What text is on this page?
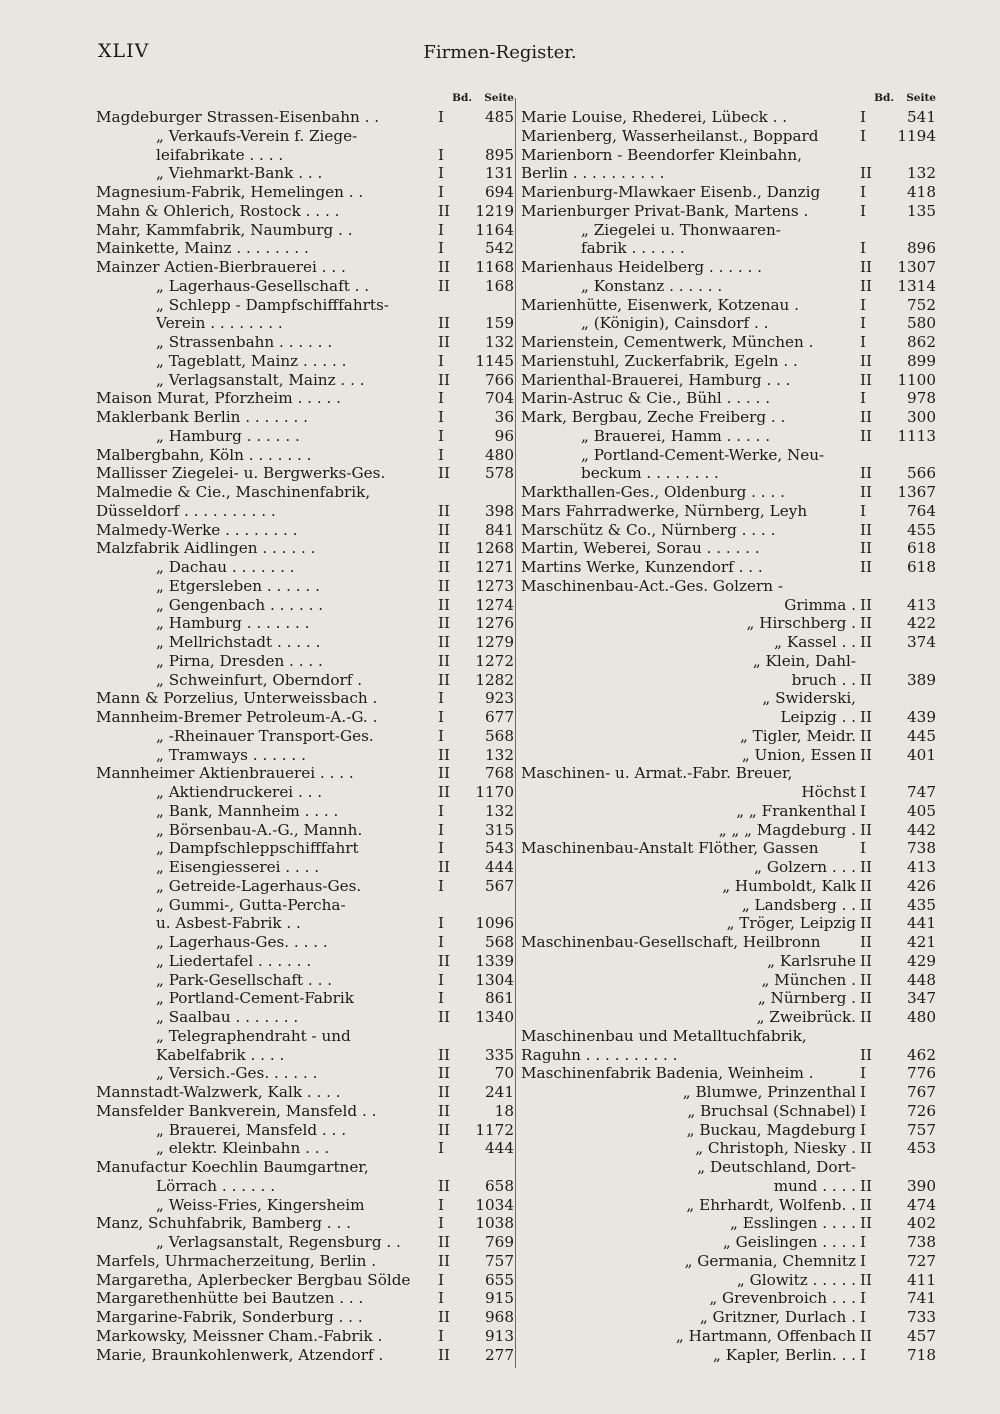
XLIV	Firmen-Register.
Bd. Seite
Magdeburger Strassen-Eisenbahn . .	I	485
„ Verkaufs-Verein f. Ziege-
leifabrikate . . . .	I	895
„ Viehmarkt-Bank . . .	I	131
Magnesium-Fabrik, Hemelingen . .	I	694
Mahn & Ohlerich, Rostock . . . .	II	1219
Mahr, Kammfabrik, Naumburg . .	I	1164
Mainkette, Mainz . . . . . . . .	I	542
Mainzer Actien-Bierbrauerei . . .	II	1168
„ Lagerhaus-Gesellschaft . .	II	168
„ Schlepp - Dampfschifffahrts-
Verein . . . . . . . .	II	159
„ Strassenbahn . . . . . .	II	132
„ Tageblatt, Mainz . . . . .	I	1145
„ Verlagsanstalt, Mainz . . .	II	766
Maison Murat, Pforzheim . . . . .	I	704
Maklerbank Berlin . . . . . . .	I	36
„ Hamburg . . . . . .	I	96
Malbergbahn, Köln . . . . . . .	I	480
Mallisser Ziegelei- u. Bergwerks-Ges.	II	578
Malmedie & Cie., Maschinenfabrik,
Düsseldorf . . . . . . . . . .	II	398
Malmedy-Werke . . . . . . . .	II	841
Malzfabrik Aidlingen . . . . . .	II	1268
„ Dachau . . . . . . .	II	1271
„ Etgersleben . . . . . .	II	1273
„ Gengenbach . . . . . .	II	1274
„ Hamburg . . . . . . .	II	1276
„ Mellrichstadt . . . . .	II	1279
„ Pirna, Dresden . . . .	II	1272
„ Schweinfurt, Oberndorf .	II	1282
Mann & Porzelius, Unterweissbach .	I	923
Mannheim-Bremer Petroleum-A.-G. .	I	677
„ -Rheinauer Transport-Ges.	I	568
„ Tramways . . . . . .	II	132
Mannheimer Aktienbrauerei . . . .	II	768
„ Aktiendruckerei . . .	II	1170
„ Bank, Mannheim . . . .	I	132
„ Börsenbau-A.-G., Mannh.	I	315
„ Dampfschleppschifffahrt	I	543
„ Eisengiesserei . . . .	II	444
„ Getreide-Lagerhaus-Ges.	I	567
„ Gummi-, Gutta-Percha-
u. Asbest-Fabrik . .	I	1096
„ Lagerhaus-Ges. . . . .	I	568
„ Liedertafel . . . . . .	II	1339
„ Park-Gesellschaft . . .	I	1304
„ Portland-Cement-Fabrik	I	861
„ Saalbau . . . . . . .	II	1340
„ Telegraphendraht - und
Kabelfabrik . . . .	II	335
„ Versich.-Ges. . . . . .	II	70
Mannstadt-Walzwerk, Kalk . . . .	II	241
Mansfelder Bankverein, Mansfeld . .	II	18
„ Brauerei, Mansfeld . . .	II	1172
„ elektr. Kleinbahn . . .	I	444
Manufactur Koechlin Baumgartner,
Lörrach . . . . . .	II	658
„ Weiss-Fries, Kingersheim	I	1034
Manz, Schuhfabrik, Bamberg . . .	I	1038
„ Verlagsanstalt, Regensburg . .	II	769
Marfels, Uhrmacherzeitung, Berlin .	II	757
Margaretha, Aplerbecker Bergbau Sölde	I	655
Margarethenhütte bei Bautzen . . .	I	915
Margarine-Fabrik, Sonderburg . . .	II	968
Markowsky, Meissner Cham.-Fabrik .	I	913
Marie, Braunkohlenwerk, Atzendorf .	II	277
Bd. Seite
Marie Louise, Rhederei, Lübeck . .	I	541
Marienberg, Wasserheilanst., Boppard	I	1194
Marienborn - Beendorfer Kleinbahn,
Berlin . . . . . . . . . .	II	132
Marienburg-Mlawkaer Eisenb., Danzig	I	418
Marienburger Privat-Bank, Martens .	I	135
„ Ziegelei u. Thonwaaren-
fabrik . . . . . .	I	896
Marienhaus Heidelberg . . . . . .	II	1307
„ Konstanz . . . . . .	II	1314
Marienhütte, Eisenwerk, Kotzenau .	I	752
„ (Königin), Cainsdorf . .	I	580
Marienstein, Cementwerk, München .	I	862
Marienstuhl, Zuckerfabrik, Egeln . .	II	899
Marienthal-Brauerei, Hamburg . . .	II	1100
Marin-Astruc & Cie., Bühl . . . . .	I	978
Mark, Bergbau, Zeche Freiberg . .	II	300
„ Brauerei, Hamm . . . . .	II	1113
„ Portland-Cement-Werke, Neu-
beckum . . . . . . . .	II	566
Markthallen-Ges., Oldenburg . . . .	II	1367
Mars Fahrradwerke, Nürnberg, Leyh	I	764
Marschütz & Co., Nürnberg . . . .	II	455
Martin, Weberei, Sorau . . . . . .	II	618
Martins Werke, Kunzendorf . . .	II	618
Maschinenbau-Act.-Ges. Golzern -
Grimma . II	413
„ Hirschberg . II	422
„ Kassel . . II	374
„ Klein, Dahl-
bruch . . II	389
„ Swiderski,
Leipzig . . II	439
„ Tigler, Meidr. II	445
„ Union, Essen II	401
Maschinen- u. Armat.-Fabr. Breuer,
Höchst I	747
„ „ Frankenthal I	405
„ „ „ Magdeburg . II	442
Maschinenbau-Anstalt Flöther, Gassen	I	738
„ Golzern . . . II	413
„ Humboldt, Kalk II	426
„ Landsberg . . II	435
„ Tröger, Leipzig II	441
Maschinenbau-Gesellschaft, Heilbronn	II	421
„ Karlsruhe II	429
„ München . II	448
„ Nürnberg . II	347
„ Zweibrück. II	480
Maschinenbau und Metalltuchfabrik,
Raguhn . . . . . . . . . .	II	462
Maschinenfabrik Badenia, Weinheim .	I	776
„ Blumwe, Prinzenthal I	767
„ Bruchsal (Schnabel) I	726
„ Buckau, Magdeburg I	757
„ Christoph, Niesky . II	453
„ Deutschland, Dort-
mund . . . . II	390
„ Ehrhardt, Wolfenb. . II	474
„ Esslingen . . . . II	402
„ Geislingen . . . . I	738
„ Germania, Chemnitz I	727
„ Glowitz . . . . . II	411
„ Grevenbroich . . . I	741
„ Gritzner, Durlach . I	733
„ Hartmann, Offenbach II	457
„ Kapler, Berlin. . . I	718
